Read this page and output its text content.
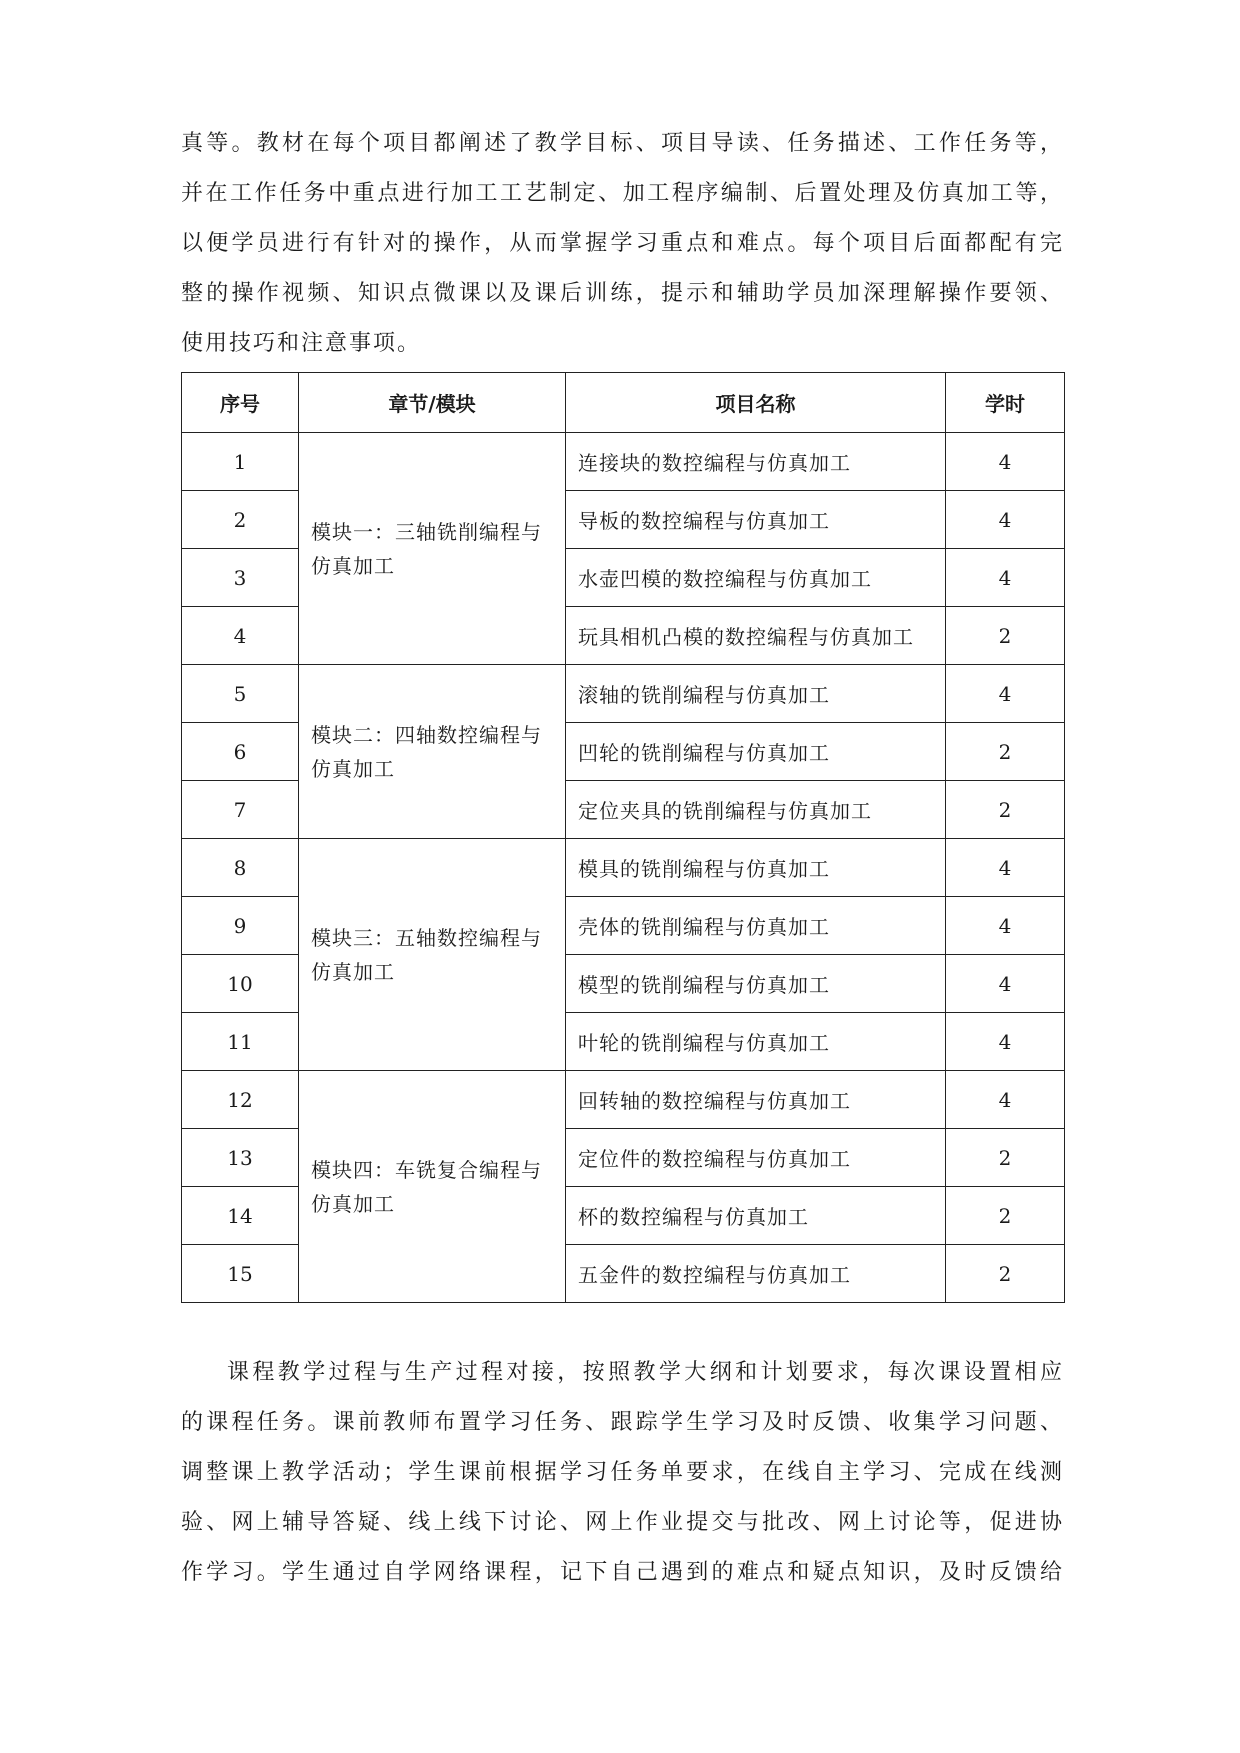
真等。教材在每个项目都阐述了教学目标、项目导读、任务描述、工作任务等，
并在工作任务中重点进行加工工艺制定、加工程序编制、后置处理及仿真加工等，
以便学员进行有针对的操作，从而掌握学习重点和难点。每个项目后面都配有完
整的操作视频、知识点微课以及课后训练，提示和辅助学员加深理解操作要领、
使用技巧和注意事项。
序号	章节/模块	项目名称	学时
1	模块一：三轴铣削编程与仿真加工	连接块的数控编程与仿真加工	4
2		导板的数控编程与仿真加工	4
3		水壶凹模的数控编程与仿真加工	4
4		玩具相机凸模的数控编程与仿真加工	2
5	模块二：四轴数控编程与仿真加工	滚轴的铣削编程与仿真加工	4
6		凹轮的铣削编程与仿真加工	2
7		定位夹具的铣削编程与仿真加工	2
8	模块三：五轴数控编程与仿真加工	模具的铣削编程与仿真加工	4
9		壳体的铣削编程与仿真加工	4
10		模型的铣削编程与仿真加工	4
11		叶轮的铣削编程与仿真加工	4
12	模块四：车铣复合编程与仿真加工	回转轴的数控编程与仿真加工	4
13		定位件的数控编程与仿真加工	2
14		杯的数控编程与仿真加工	2
15		五金件的数控编程与仿真加工	2
课程教学过程与生产过程对接，按照教学大纲和计划要求，每次课设置相应
的课程任务。课前教师布置学习任务、跟踪学生学习及时反馈、收集学习问题、
调整课上教学活动；学生课前根据学习任务单要求，在线自主学习、完成在线测
验、网上辅导答疑、线上线下讨论、网上作业提交与批改、网上讨论等，促进协
作学习。学生通过自学网络课程，记下自己遇到的难点和疑点知识，及时反馈给
